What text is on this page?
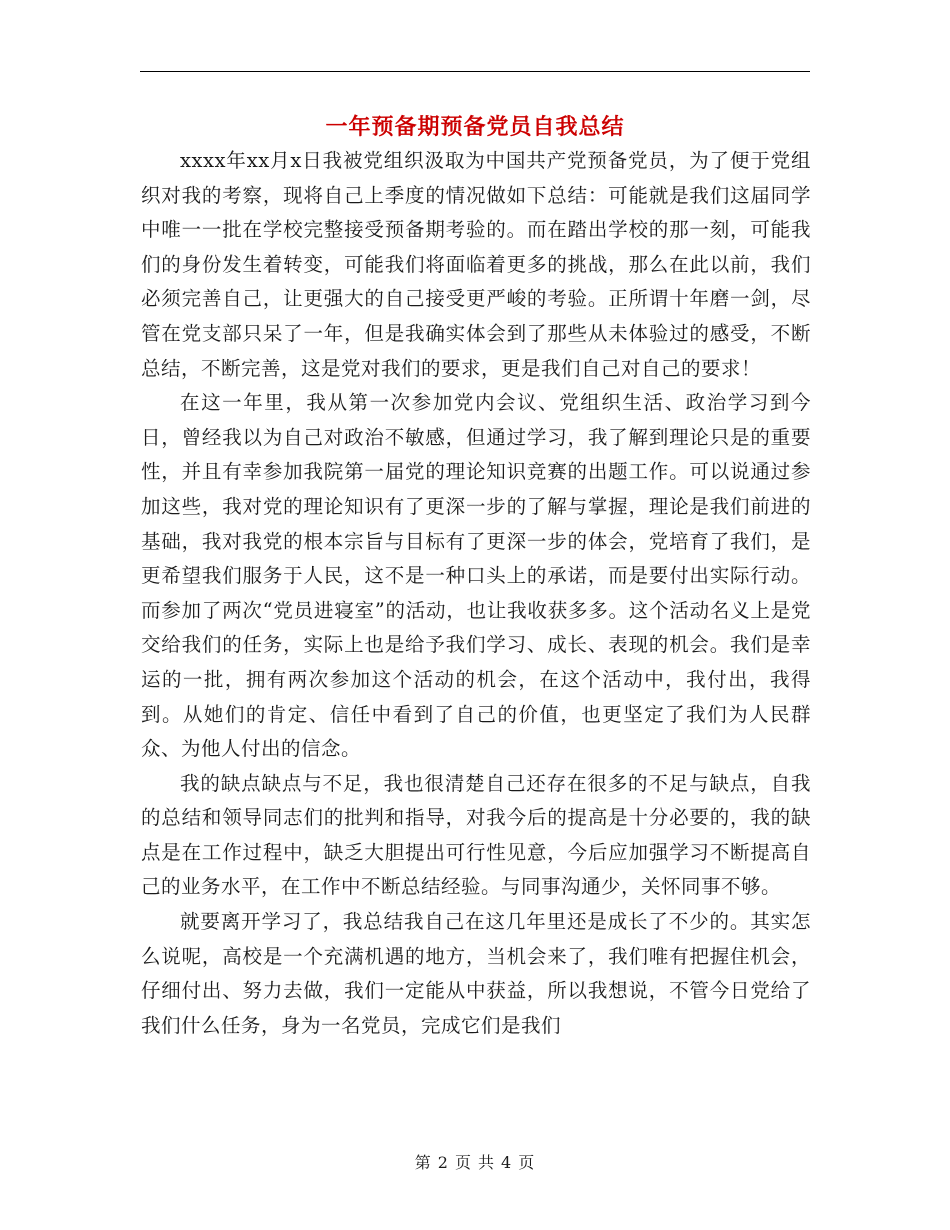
一年预备期预备党员自我总结

xxxx年xx月x日我被党组织汲取为中国共产党预备党员，为了便于党组织对我的考察，现将自己上季度的情况做如下总结：可能就是我们这届同学中唯一一批在学校完整接受预备期考验的。而在踏出学校的那一刻，可能我们的身份发生着转变，可能我们将面临着更多的挑战，那么在此以前，我们必须完善自己，让更强大的自己接受更严峻的考验。正所谓十年磨一剑，尽管在党支部只呆了一年，但是我确实体会到了那些从未体验过的感受，不断总结，不断完善，这是党对我们的要求，更是我们自己对自己的要求！

在这一年里，我从第一次参加党内会议、党组织生活、政治学习到今日，曾经我以为自己对政治不敏感，但通过学习，我了解到理论只是的重要性，并且有幸参加我院第一届党的理论知识竞赛的出题工作。可以说通过参加这些，我对党的理论知识有了更深一步的了解与掌握，理论是我们前进的基础，我对我党的根本宗旨与目标有了更深一步的体会，党培育了我们，是更希望我们服务于人民，这不是一种口头上的承诺，而是要付出实际行动。而参加了两次“党员进寝室”的活动，也让我收获多多。这个活动名义上是党交给我们的任务，实际上也是给予我们学习、成长、表现的机会。我们是幸运的一批，拥有两次参加这个活动的机会，在这个活动中，我付出，我得到。从她们的肯定、信任中看到了自己的价值，也更坚定了我们为人民群众、为他人付出的信念。

我的缺点缺点与不足，我也很清楚自己还存在很多的不足与缺点，自我的总结和领导同志们的批判和指导，对我今后的提高是十分必要的，我的缺点是在工作过程中，缺乏大胆提出可行性见意，今后应加强学习不断提高自己的业务水平，在工作中不断总结经验。与同事沟通少，关怀同事不够。

就要离开学习了，我总结我自己在这几年里还是成长了不少的。其实怎么说呢，高校是一个充满机遇的地方，当机会来了，我们唯有把握住机会，仔细付出、努力去做，我们一定能从中获益，所以我想说，不管今日党给了我们什么任务，身为一名党员，完成它们是我们

第 2 页 共 4 页
